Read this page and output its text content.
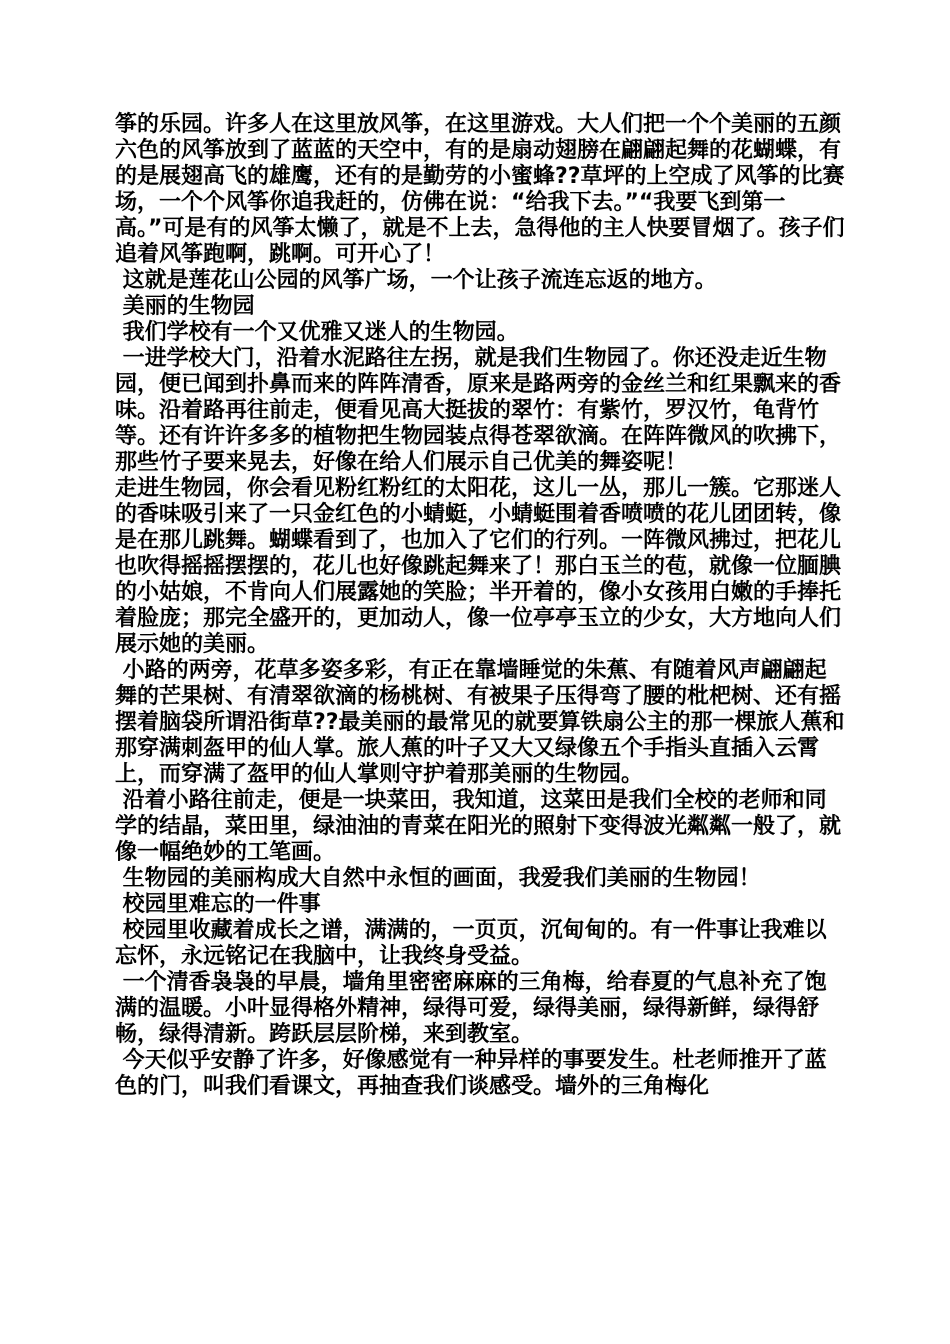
筝的乐园。许多人在这里放风筝，在这里游戏。大人们把一个个美丽的五颜六色的风筝放到了蓝蓝的天空中，有的是扇动翅膀在翩翩起舞的花蝴蝶，有的是展翅高飞的雄鹰，还有的是勤劳的小蜜蜂??草坪的上空成了风筝的比赛场，一个个风筝你追我赶的，仿佛在说：“给我下去。”“我要飞到第一高。”可是有的风筝太懒了，就是不上去，急得他的主人快要冒烟了。孩子们追着风筝跑啊，跳啊。可开心了！

这就是莲花山公园的风筝广场，一个让孩子流连忘返的地方。

美丽的生物园

我们学校有一个又优雅又迷人的生物园。

一进学校大门，沿着水泥路往左拐，就是我们生物园了。你还没走近生物园，便已闻到扑鼻而来的阵阵清香，原来是路两旁的金丝兰和红果飘来的香味。沿着路再往前走，便看见高大挺拔的翠竹：有紫竹，罗汉竹，龟背竹等。还有许许多多的植物把生物园装点得苍翠欲滴。在阵阵微风的吹拂下，那些竹子要来晃去，好像在给人们展示自己优美的舞姿呢！

走进生物园，你会看见粉红粉红的太阳花，这儿一丛，那儿一簇。它那迷人的香味吸引来了一只金红色的小蜻蜓，小蜻蜓围着香喷喷的花儿团团转，像是在那儿跳舞。蝴蝶看到了，也加入了它们的行列。一阵微风拂过，把花儿也吹得摇摇摆摆的，花儿也好像跳起舞来了！那白玉兰的苞，就像一位腼腆的小姑娘，不肯向人们展露她的笑脸；半开着的，像小女孩用白嫩的手捧托着脸庞；那完全盛开的，更加动人，像一位亭亭玉立的少女，大方地向人们展示她的美丽。

小路的两旁，花草多姿多彩，有正在靠墙睡觉的朱蕉、有随着风声翩翩起舞的芒果树、有清翠欲滴的杨桃树、有被果子压得弯了腰的枇杷树、还有摇摆着脑袋所谓沿街草??最美丽的最常见的就要算铁扇公主的那一棵旅人蕉和那穿满刺盔甲的仙人掌。旅人蕉的叶子又大又绿像五个手指头直插入云霄上，而穿满了盔甲的仙人掌则守护着那美丽的生物园。

沿着小路往前走，便是一块菜田，我知道，这菜田是我们全校的老师和同学的结晶，菜田里，绿油油的青菜在阳光的照射下变得波光粼粼一般了，就像一幅绝妙的工笔画。

生物园的美丽构成大自然中永恒的画面，我爱我们美丽的生物园！

校园里难忘的一件事

校园里收藏着成长之谱，满满的，一页页，沉甸甸的。有一件事让我难以忘怀，永远铭记在我脑中，让我终身受益。

一个清香袅袅的早晨，墙角里密密麻麻的三角梅，给春夏的气息补充了饱满的温暖。小叶显得格外精神，绿得可爱，绿得美丽，绿得新鲜，绿得舒畅，绿得清新。跨跃层层阶梯，来到教室。

今天似乎安静了许多，好像感觉有一种异样的事要发生。杜老师推开了蓝色的门，叫我们看课文，再抽查我们谈感受。墙外的三角梅化
